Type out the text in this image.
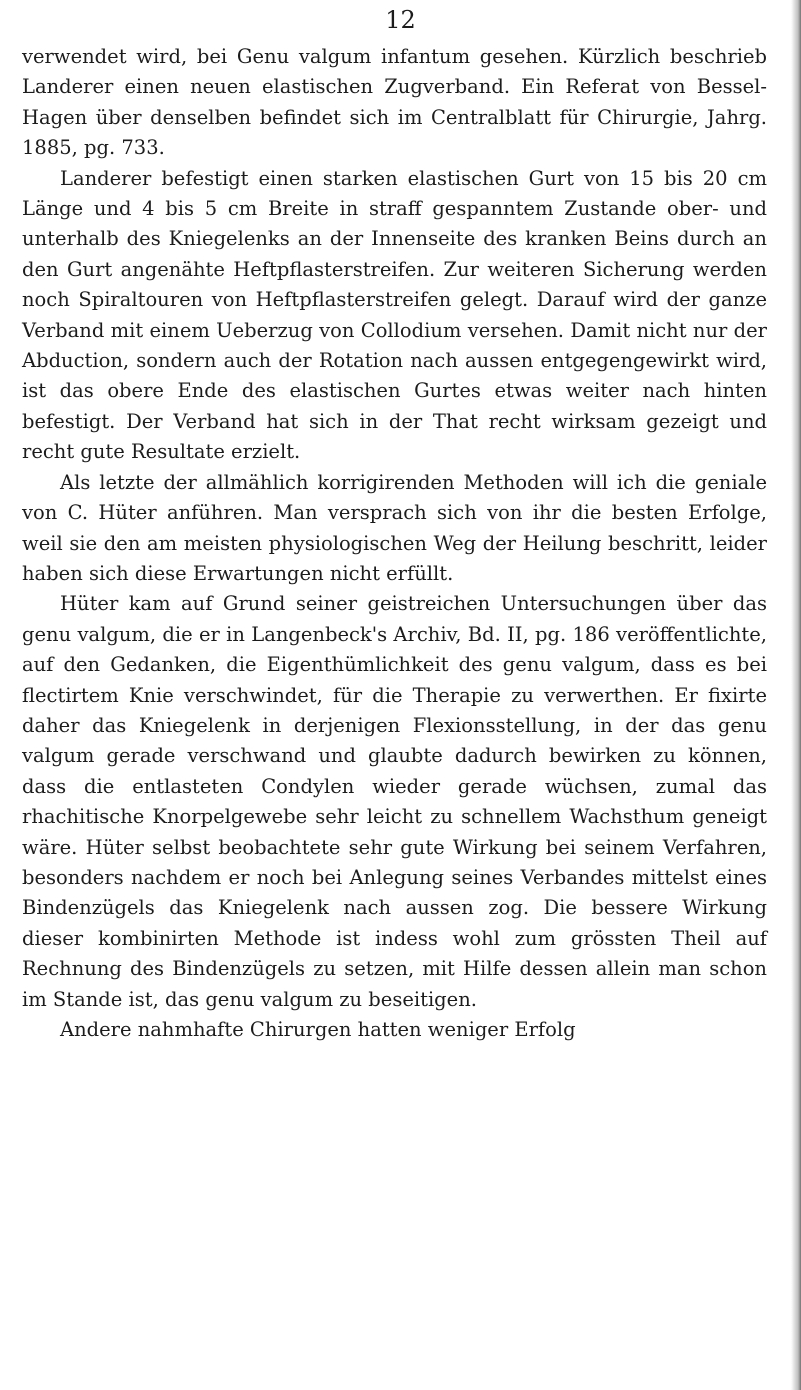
12

verwendet wird, bei Genu valgum infantum gesehen. Kürzlich beschrieb Landerer einen neuen elastischen Zugverband. Ein Referat von Bessel-Hagen über denselben befindet sich im Centralblatt für Chirurgie, Jahrg. 1885, pg. 733.

Landerer befestigt einen starken elastischen Gurt von 15 bis 20 cm Länge und 4 bis 5 cm Breite in straff gespanntem Zustande ober- und unterhalb des Kniegelenks an der Innenseite des kranken Beins durch an den Gurt angenähte Heftpflasterstreifen. Zur weiteren Sicherung werden noch Spiraltouren von Heftpflasterstreifen gelegt. Darauf wird der ganze Verband mit einem Ueberzug von Collodium versehen. Damit nicht nur der Abduction, sondern auch der Rotation nach aussen entgegengewirkt wird, ist das obere Ende des elastischen Gurtes etwas weiter nach hinten befestigt. Der Verband hat sich in der That recht wirksam gezeigt und recht gute Resultate erzielt.

Als letzte der allmählich korrigirenden Methoden will ich die geniale von C. Hüter anführen. Man versprach sich von ihr die besten Erfolge, weil sie den am meisten physiologischen Weg der Heilung beschritt, leider haben sich diese Erwartungen nicht erfüllt.

Hüter kam auf Grund seiner geistreichen Untersuchungen über das genu valgum, die er in Langenbeck's Archiv, Bd. II, pg. 186 veröffentlichte, auf den Gedanken, die Eigenthümlichkeit des genu valgum, dass es bei flectirtem Knie verschwindet, für die Therapie zu verwerthen. Er fixirte daher das Kniegelenk in derjenigen Flexionsstellung, in der das genu valgum gerade verschwand und glaubte dadurch bewirken zu können, dass die entlasteten Condylen wieder gerade wüchsen, zumal das rhachitische Knorpelgewebe sehr leicht zu schnellem Wachsthum geneigt wäre. Hüter selbst beobachtete sehr gute Wirkung bei seinem Verfahren, besonders nachdem er noch bei Anlegung seines Verbandes mittelst eines Bindenzügels das Kniegelenk nach aussen zog. Die bessere Wirkung dieser kombinirten Methode ist indess wohl zum grössten Theil auf Rechnung des Bindenzügels zu setzen, mit Hilfe dessen allein man schon im Stande ist, das genu valgum zu beseitigen.

Andere nahmhafte Chirurgen hatten weniger Erfolg
